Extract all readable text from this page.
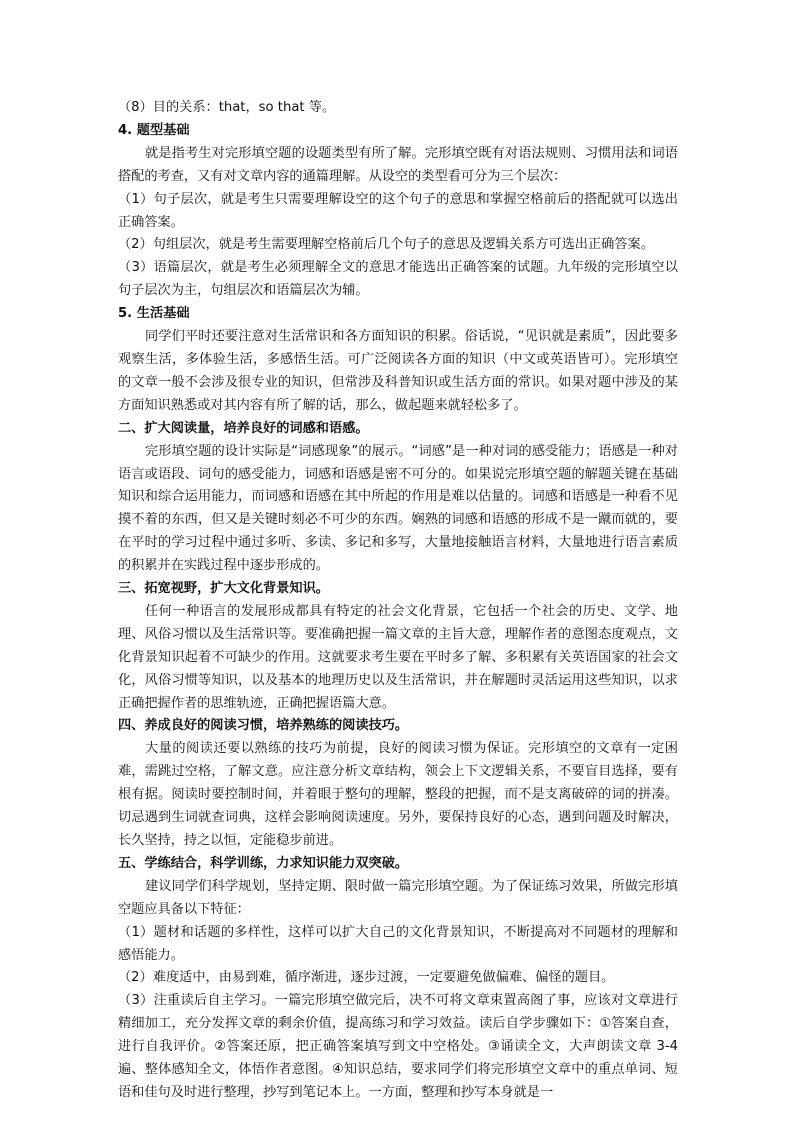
（8）目的关系：that，so that 等。

4. 题型基础

就是指考生对完形填空题的设题类型有所了解。完形填空既有对语法规则、习惯用法和词语搭配的考查，又有对文章内容的通篇理解。从设空的类型看可分为三个层次：

（1）句子层次，就是考生只需要理解设空的这个句子的意思和掌握空格前后的搭配就可以选出正确答案。

（2）句组层次，就是考生需要理解空格前后几个句子的意思及逻辑关系方可选出正确答案。

（3）语篇层次，就是考生必须理解全文的意思才能选出正确答案的试题。九年级的完形填空以句子层次为主，句组层次和语篇层次为辅。

5. 生活基础

同学们平时还要注意对生活常识和各方面知识的积累。俗话说，“见识就是素质”，因此要多观察生活，多体验生活，多感悟生活。可广泛阅读各方面的知识（中文或英语皆可）。完形填空的文章一般不会涉及很专业的知识，但常涉及科普知识或生活方面的常识。如果对题中涉及的某方面知识熟悉或对其内容有所了解的话，那么，做起题来就轻松多了。

二、扩大阅读量，培养良好的词感和语感。

完形填空题的设计实际是“词感现象”的展示。“词感”是一种对词的感受能力；语感是一种对语言或语段、词句的感受能力，词感和语感是密不可分的。如果说完形填空题的解题关键在基础知识和综合运用能力，而词感和语感在其中所起的作用是难以估量的。词感和语感是一种看不见摸不着的东西，但又是关键时刻必不可少的东西。娴熟的词感和语感的形成不是一蹴而就的，要在平时的学习过程中通过多听、多读、多记和多写，大量地接触语言材料，大量地进行语言素质的积累并在实践过程中逐步形成的。

三、拓宽视野，扩大文化背景知识。

任何一种语言的发展形成都具有特定的社会文化背景，它包括一个社会的历史、文学、地理、风俗习惯以及生活常识等。要准确把握一篇文章的主旨大意，理解作者的意图态度观点，文化背景知识起着不可缺少的作用。这就要求考生要在平时多了解、多积累有关英语国家的社会文化，风俗习惯等知识，以及基本的地理历史以及生活常识，并在解题时灵活运用这些知识，以求正确把握作者的思维轨迹，正确把握语篇大意。

四、养成良好的阅读习惯，培养熟练的阅读技巧。

大量的阅读还要以熟练的技巧为前提，良好的阅读习惯为保证。完形填空的文章有一定困难，需跳过空格，了解文意。应注意分析文章结构，领会上下文逻辑关系，不要盲目选择，要有根有据。阅读时要控制时间，并着眼于整句的理解，整段的把握，而不是支离破碎的词的拼凑。切忌遇到生词就查词典，这样会影响阅读速度。另外，要保持良好的心态，遇到问题及时解决，长久坚持，持之以恒，定能稳步前进。

五、学练结合，科学训练，力求知识能力双突破。

建议同学们科学规划，坚持定期、限时做一篇完形填空题。为了保证练习效果，所做完形填空题应具备以下特征：

（1）题材和话题的多样性，这样可以扩大自己的文化背景知识，不断提高对不同题材的理解和感悟能力。

（2）难度适中，由易到难，循序渐进，逐步过渡，一定要避免做偏难、偏怪的题目。

（3）注重读后自主学习。一篇完形填空做完后，决不可将文章束置高阁了事，应该对文章进行精细加工，充分发挥文章的剩余价值，提高练习和学习效益。读后自学步骤如下：①答案自查，进行自我评价。②答案还原，把正确答案填写到文中空格处。③诵读全文，大声朗读文章 3-4 遍、整体感知全文，体悟作者意图。④知识总结，要求同学们将完形填空文章中的重点单词、短语和佳句及时进行整理，抄写到笔记本上。一方面，整理和抄写本身就是一
